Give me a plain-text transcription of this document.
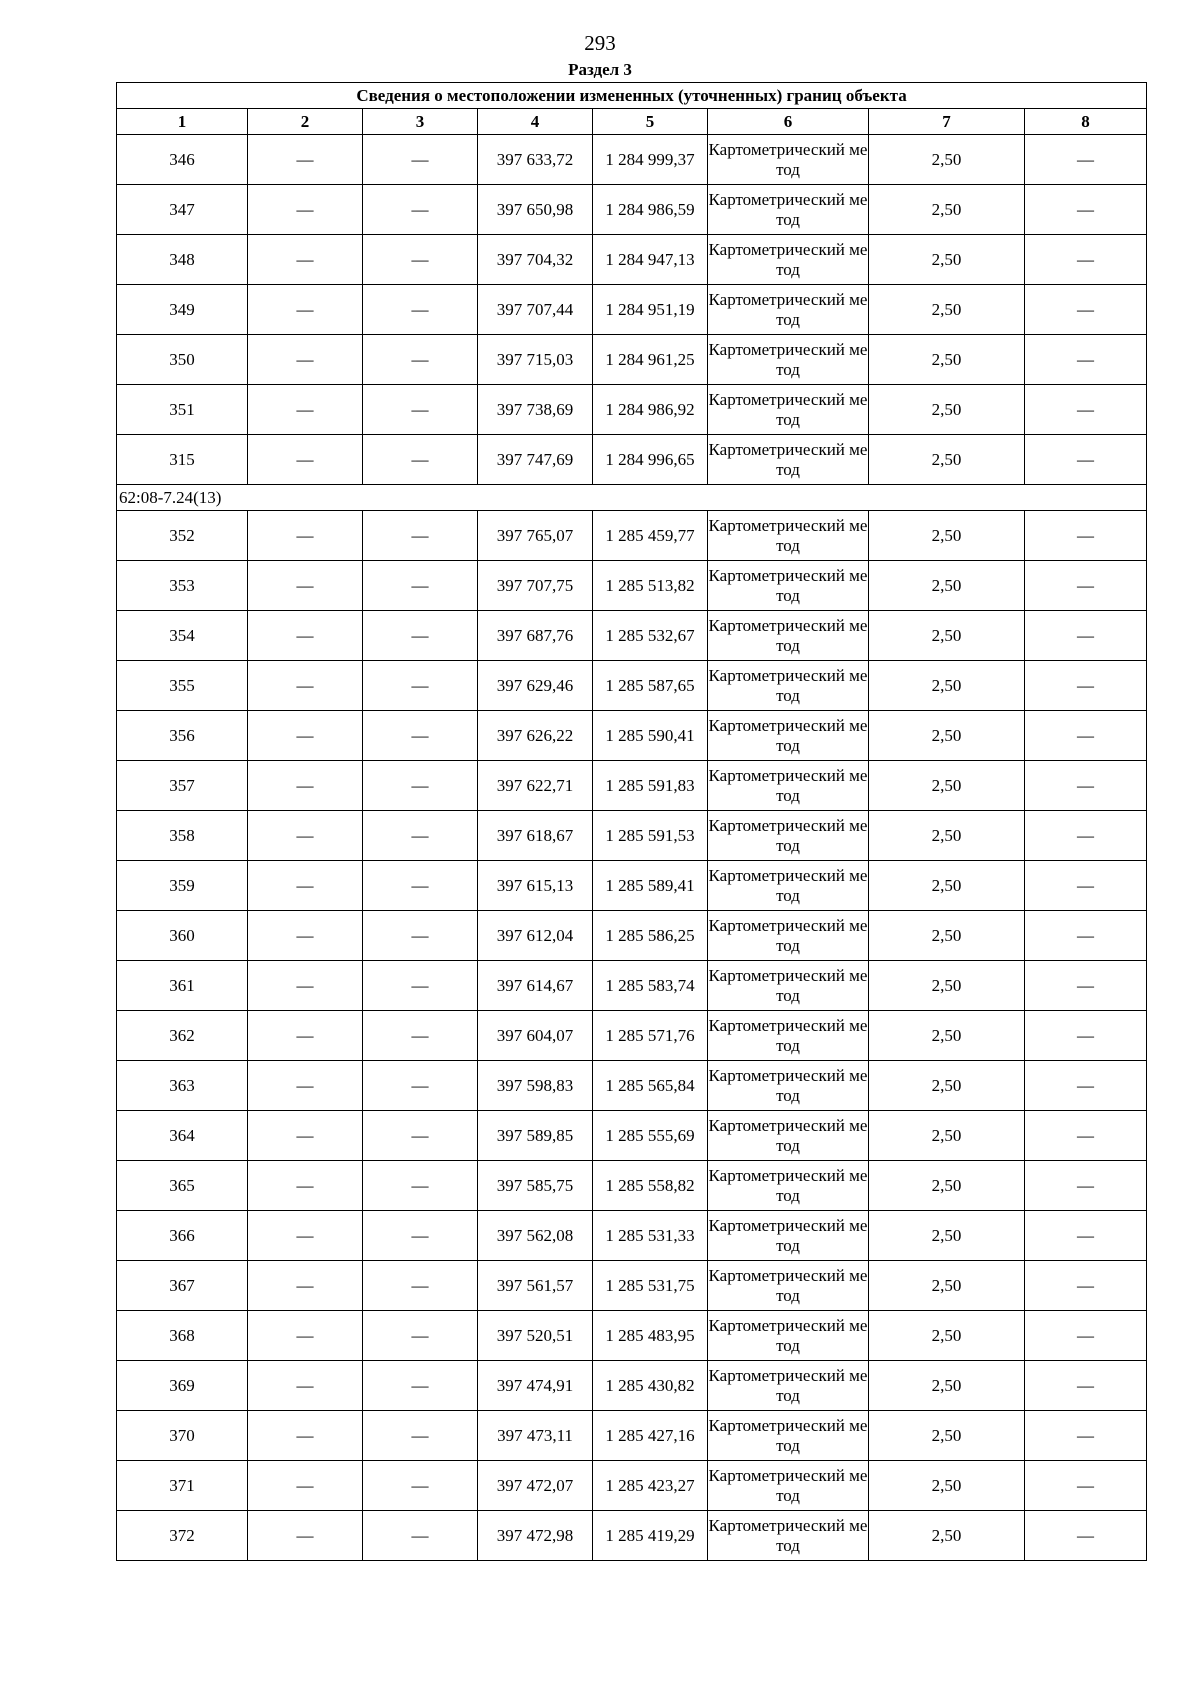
293
Раздел 3
Сведения о местоположении измененных (уточненных) границ объекта							
1	2	3	4	5	6	7	8
346	—	—	397 633,72	1 284 999,37	Картометрический метод	2,50	—
347	—	—	397 650,98	1 284 986,59	Картометрический метод	2,50	—
348	—	—	397 704,32	1 284 947,13	Картометрический метод	2,50	—
349	—	—	397 707,44	1 284 951,19	Картометрический метод	2,50	—
350	—	—	397 715,03	1 284 961,25	Картометрический метод	2,50	—
351	—	—	397 738,69	1 284 986,92	Картометрический метод	2,50	—
315	—	—	397 747,69	1 284 996,65	Картометрический метод	2,50	—
62:08-7.24(13)							
352	—	—	397 765,07	1 285 459,77	Картометрический метод	2,50	—
353	—	—	397 707,75	1 285 513,82	Картометрический метод	2,50	—
354	—	—	397 687,76	1 285 532,67	Картометрический метод	2,50	—
355	—	—	397 629,46	1 285 587,65	Картометрический метод	2,50	—
356	—	—	397 626,22	1 285 590,41	Картометрический метод	2,50	—
357	—	—	397 622,71	1 285 591,83	Картометрический метод	2,50	—
358	—	—	397 618,67	1 285 591,53	Картометрический метод	2,50	—
359	—	—	397 615,13	1 285 589,41	Картометрический метод	2,50	—
360	—	—	397 612,04	1 285 586,25	Картометрический метод	2,50	—
361	—	—	397 614,67	1 285 583,74	Картометрический метод	2,50	—
362	—	—	397 604,07	1 285 571,76	Картометрический метод	2,50	—
363	—	—	397 598,83	1 285 565,84	Картометрический метод	2,50	—
364	—	—	397 589,85	1 285 555,69	Картометрический метод	2,50	—
365	—	—	397 585,75	1 285 558,82	Картометрический метод	2,50	—
366	—	—	397 562,08	1 285 531,33	Картометрический метод	2,50	—
367	—	—	397 561,57	1 285 531,75	Картометрический метод	2,50	—
368	—	—	397 520,51	1 285 483,95	Картометрический метод	2,50	—
369	—	—	397 474,91	1 285 430,82	Картометрический метод	2,50	—
370	—	—	397 473,11	1 285 427,16	Картометрический метод	2,50	—
371	—	—	397 472,07	1 285 423,27	Картометрический метод	2,50	—
372	—	—	397 472,98	1 285 419,29	Картометрический метод	2,50	—
